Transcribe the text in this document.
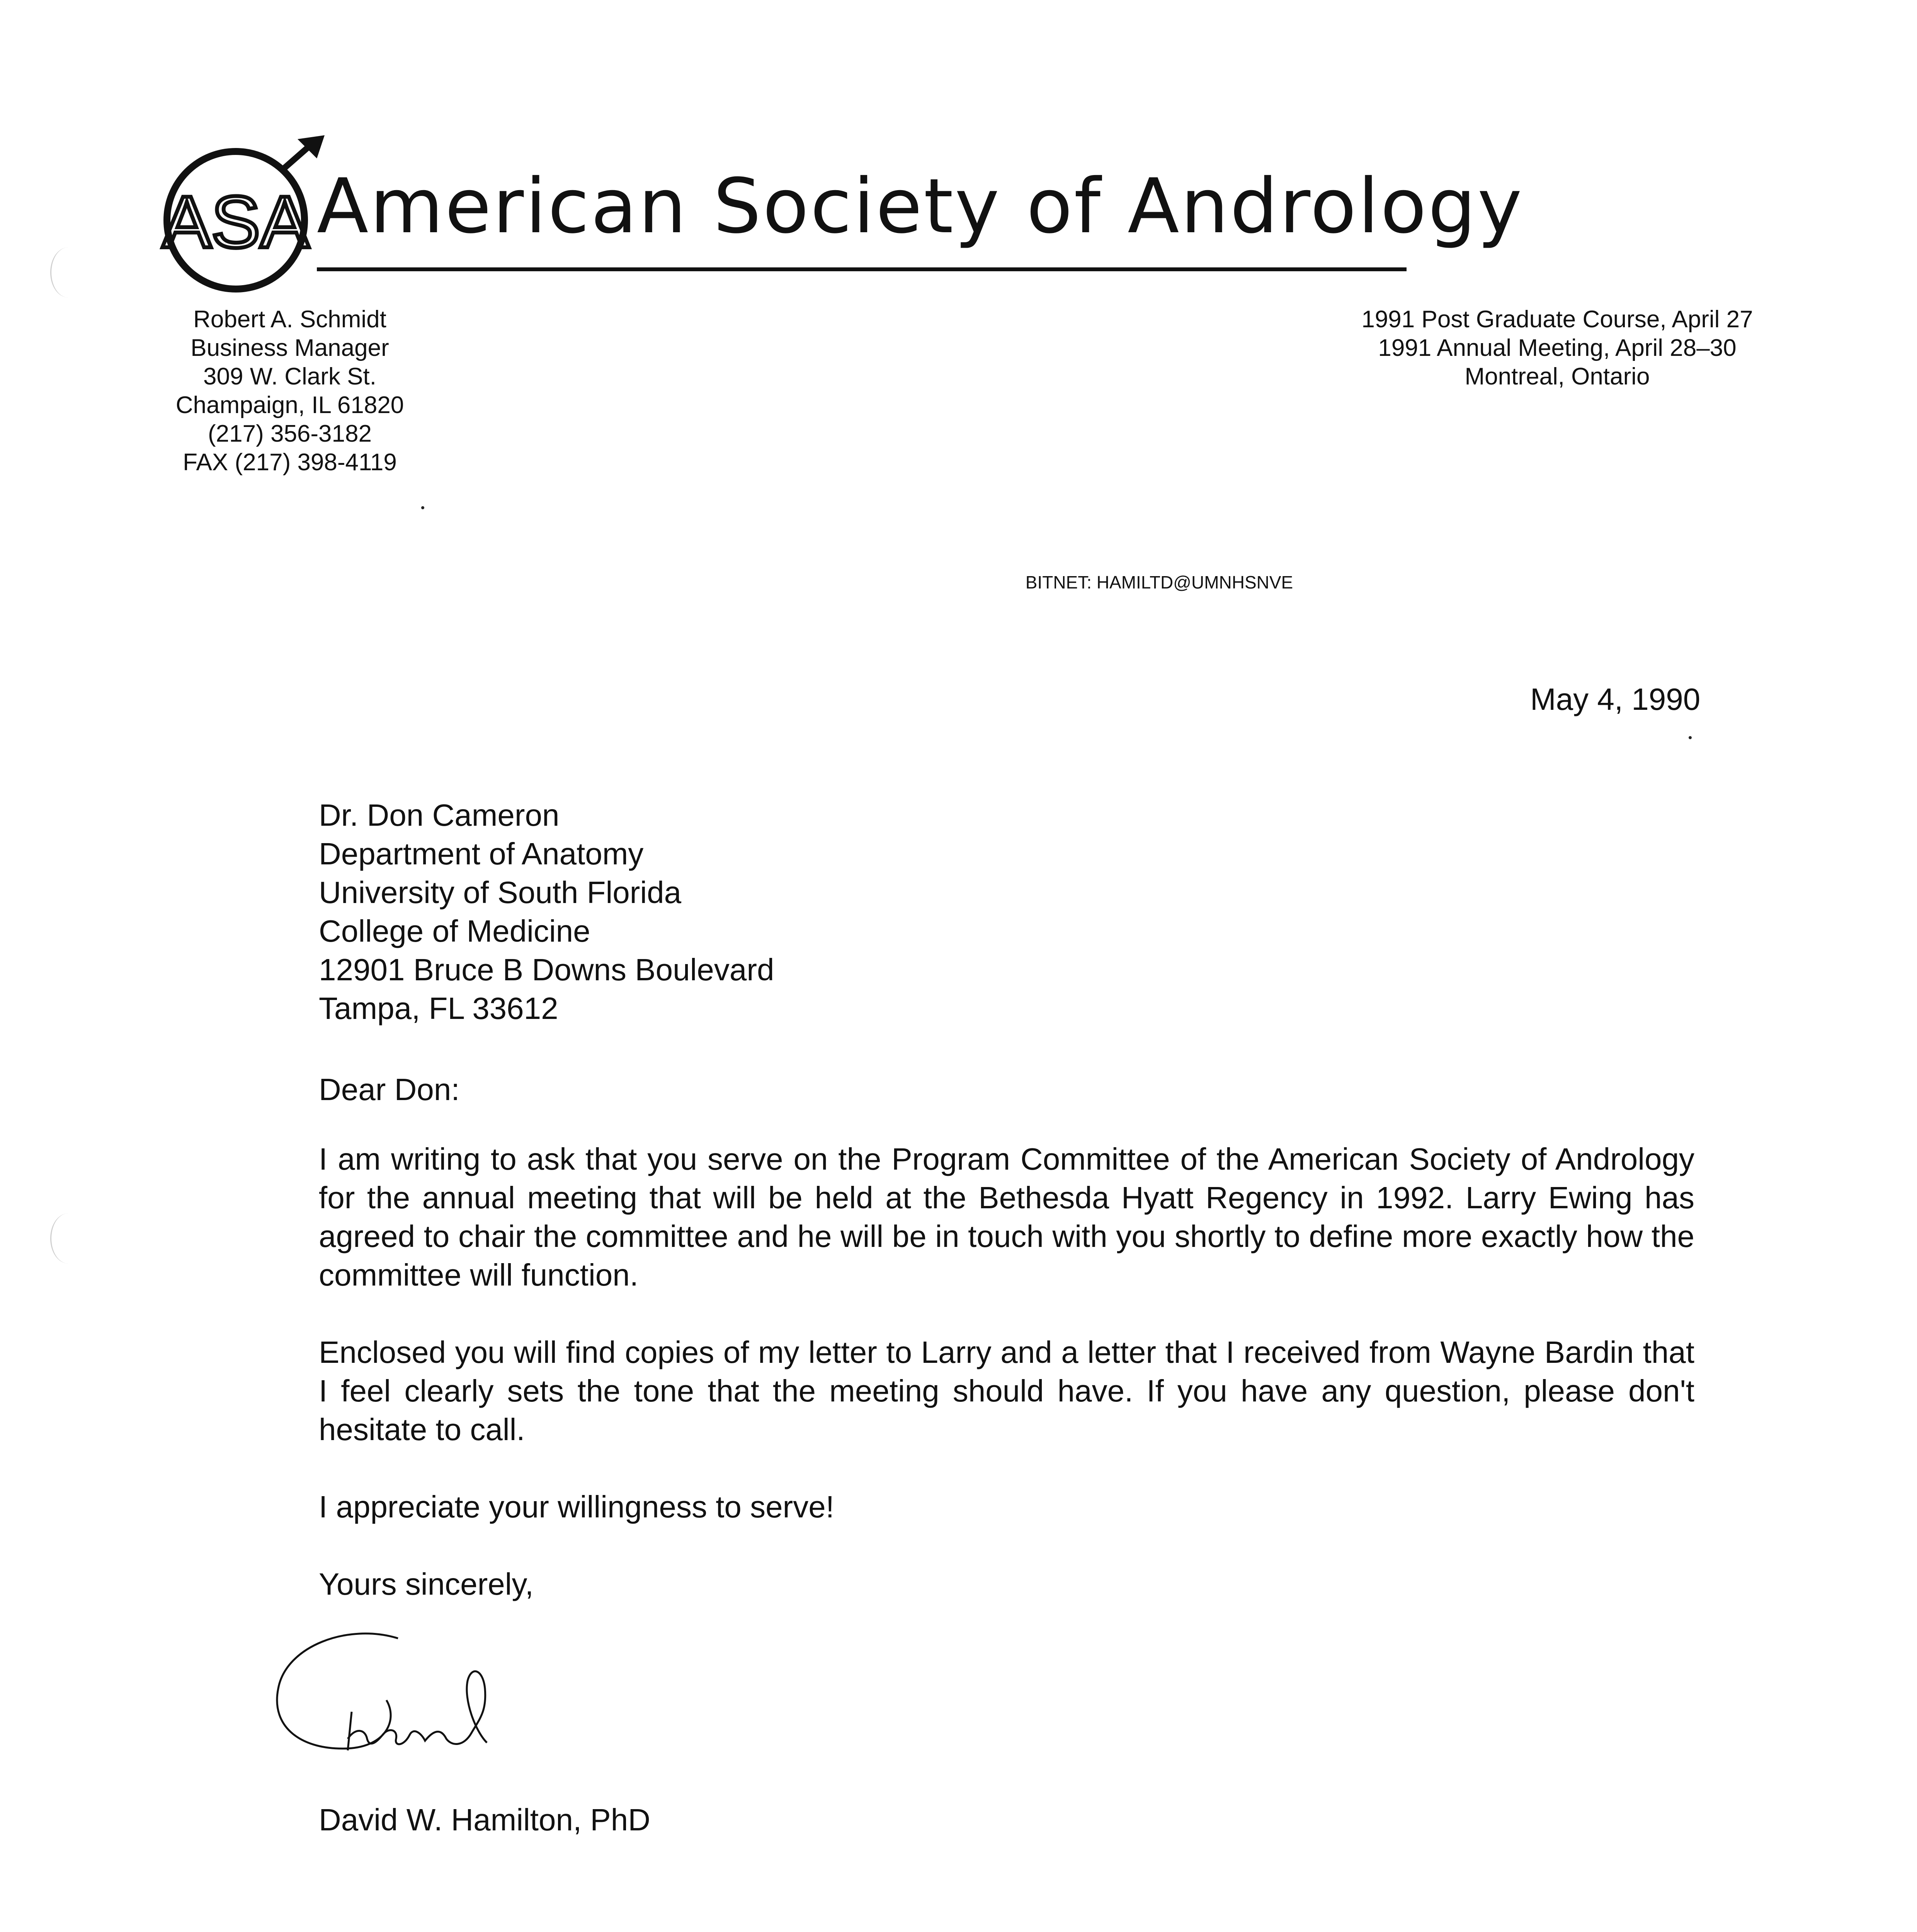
ASA American Society of Andrology
Robert A. Schmidt
Business Manager
309 W. Clark St.
Champaign, IL 61820
(217) 356-3182
FAX (217) 398-4119
1991 Post Graduate Course, April 27
1991 Annual Meeting, April 28–30
Montreal, Ontario
BITNET: HAMILTD@UMNHSNVE
May 4, 1990
Dr. Don Cameron
Department of Anatomy
University of South Florida
College of Medicine
12901 Bruce B Downs Boulevard
Tampa, FL 33612
Dear Don:
I am writing to ask that you serve on the Program Committee of the American Society of Andrology for the annual meeting that will be held at the Bethesda Hyatt Regency in 1992. Larry Ewing has agreed to chair the committee and he will be in touch with you shortly to define more exactly how the committee will function.
Enclosed you will find copies of my letter to Larry and a letter that I received from Wayne Bardin that I feel clearly sets the tone that the meeting should have. If you have any question, please don't hesitate to call.
I appreciate your willingness to serve!
Yours sincerely,
David W. Hamilton, PhD
